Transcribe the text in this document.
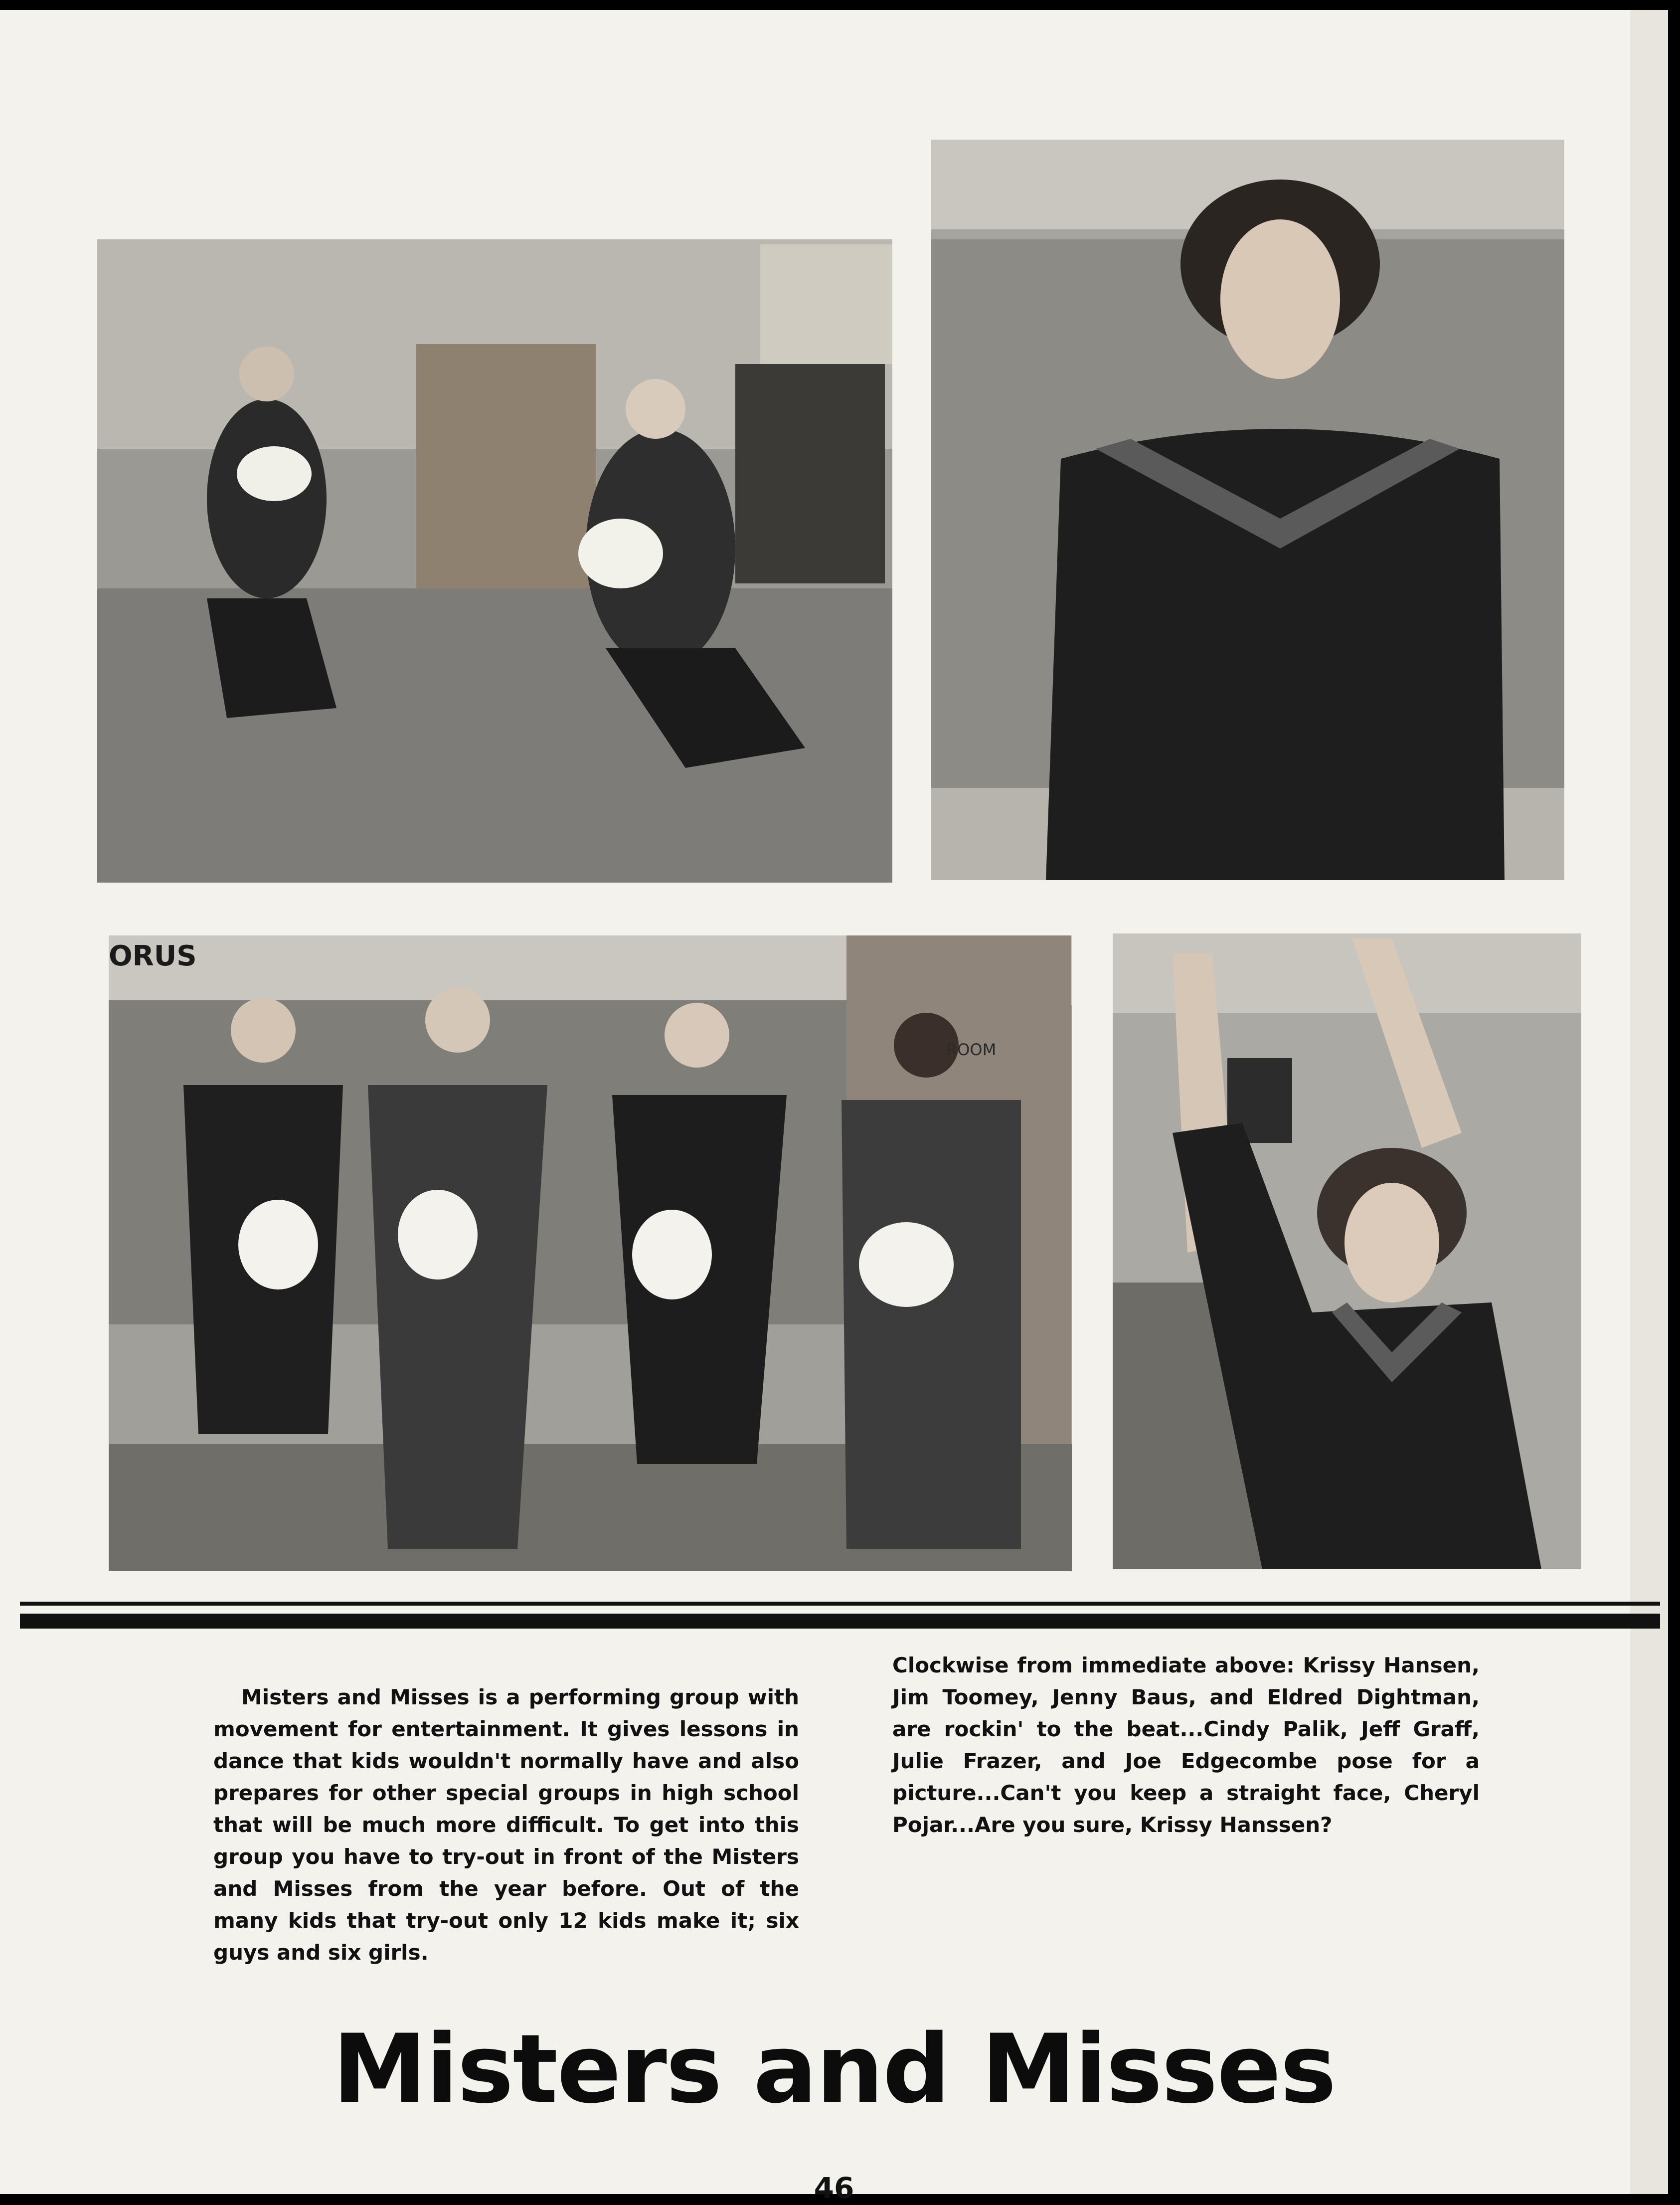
ORUS
ROOM

Misters and Misses is a performing group with movement for entertainment. It gives lessons in dance that kids wouldn't normally have and also prepares for other special groups in high school that will be much more difficult. To get into this group you have to try-out in front of the Misters and Misses from the year before. Out of the many kids that try-out only 12 kids make it; six guys and six girls.

Clockwise from immediate above: Krissy Hansen, Jim Toomey, Jenny Baus, and Eldred Dightman, are rockin' to the beat...Cindy Palik, Jeff Graff, Julie Frazer, and Joe Edgecombe pose for a picture...Can't you keep a straight face, Cheryl Pojar...Are you sure, Krissy Hanssen?

Misters and Misses
46
